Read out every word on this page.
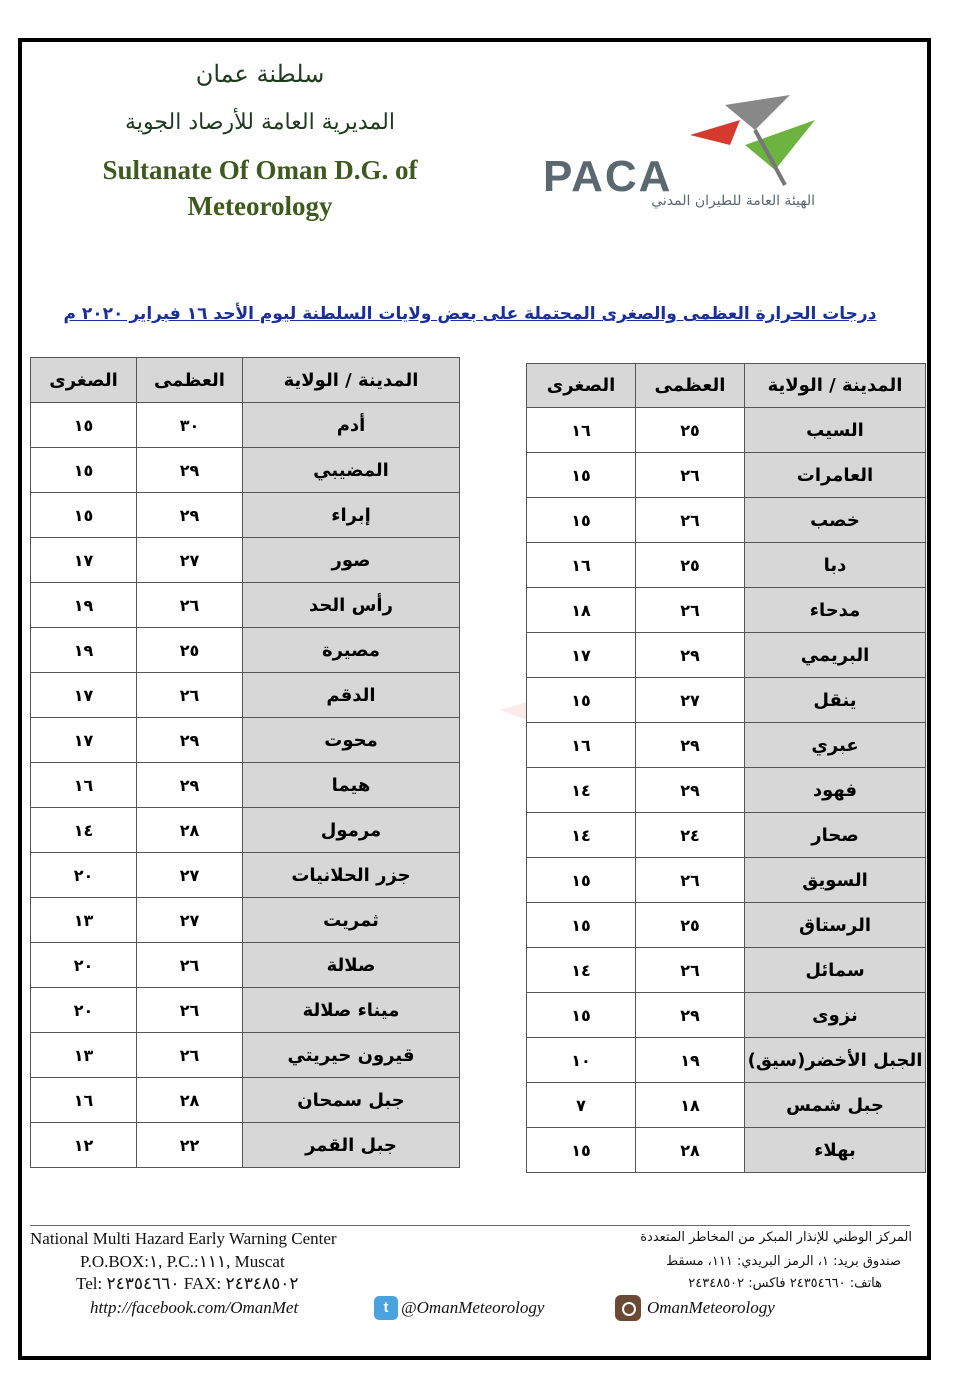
سلطنة عمان
المديرية العامة للأرصاد الجوية
Sultanate Of Oman D.G. of Meteorology
PACA
الهيئة العامة للطيران المدني
درجات الحرارة العظمى والصغرى المحتملة على بعض ولايات السلطنة ليوم الأحد ١٦ فبراير ٢٠٢٠ م
المدينة / الولاية	العظمى	الصغرى
السيب	٢٥	١٦
العامرات	٢٦	١٥
خصب	٢٦	١٥
دبا	٢٥	١٦
مدحاء	٢٦	١٨
البريمي	٢٩	١٧
ينقل	٢٧	١٥
عبري	٢٩	١٦
فهود	٢٩	١٤
صحار	٢٤	١٤
السويق	٢٦	١٥
الرستاق	٢٥	١٥
سمائل	٢٦	١٤
نزوى	٢٩	١٥
الجبل الأخضر(سيق)	١٩	١٠
جبل شمس	١٨	٧
بهلاء	٢٨	١٥
المدينة / الولاية	العظمى	الصغرى
أدم	٣٠	١٥
المضيبي	٢٩	١٥
إبراء	٢٩	١٥
صور	٢٧	١٧
رأس الحد	٢٦	١٩
مصيرة	٢٥	١٩
الدقم	٢٦	١٧
محوت	٢٩	١٧
هيما	٢٩	١٦
مرمول	٢٨	١٤
جزر الحلانيات	٢٧	٢٠
ثمريت	٢٧	١٣
صلالة	٢٦	٢٠
ميناء صلالة	٢٦	٢٠
قيرون حيريتي	٢٦	١٣
جبل سمحان	٢٨	١٦
جبل القمر	٢٢	١٢
National Multi Hazard Early Warning Center
P.O.BOX:١, P.C.:١١١, Muscat
Tel: ٢٤٣٥٤٦٦٠ FAX: ٢٤٣٤٨٥٠٢
http://facebook.com/OmanMet	t @OmanMeteorology	OmanMeteorology
المركز الوطني للإنذار المبكر من المخاطر المتعددة
صندوق بريد: ١، الرمز البريدي: ١١١، مسقط
هاتف: ٢٤٣٥٤٦٦٠ فاكس: ٢٤٣٤٨٥٠٢
